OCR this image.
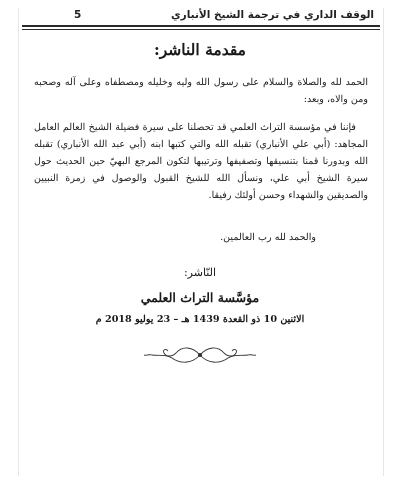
الوقف الداري في ترجمة الشيخ الأنباري
5
مقدمة الناشر:
الحمد لله والصلاة والسلام على رسول الله وليه وخليله ومصطفاه وعلى آله وصحبه ومن والاه، وبعد:
فإننا في مؤسسة التراث العلمي قد تحصلنا على سيرة فضيلة الشيخ العالم العامل المجاهد: (أبي علي الأنباري) تقبله الله والتي كتبها ابنه (أبي عبد الله الأنباري) تقبله الله وبدورنا قمنا بتنسيقها وتصفيفها وترتيبها لتكون المرجع البهيّ حين الحديث حول سيرة الشيخ أبي علي، ونسأل الله للشيخ القبول والوصول في زمرة النبيين والصديقين والشهداء وحسن أولئك رفيقا.
والحمد لله رب العالمين.
النّاشر:
مؤسَّسة التراث العلمي
الاثنين 10 ذو القعدة 1439 هـ – 23 يوليو 2018 م
